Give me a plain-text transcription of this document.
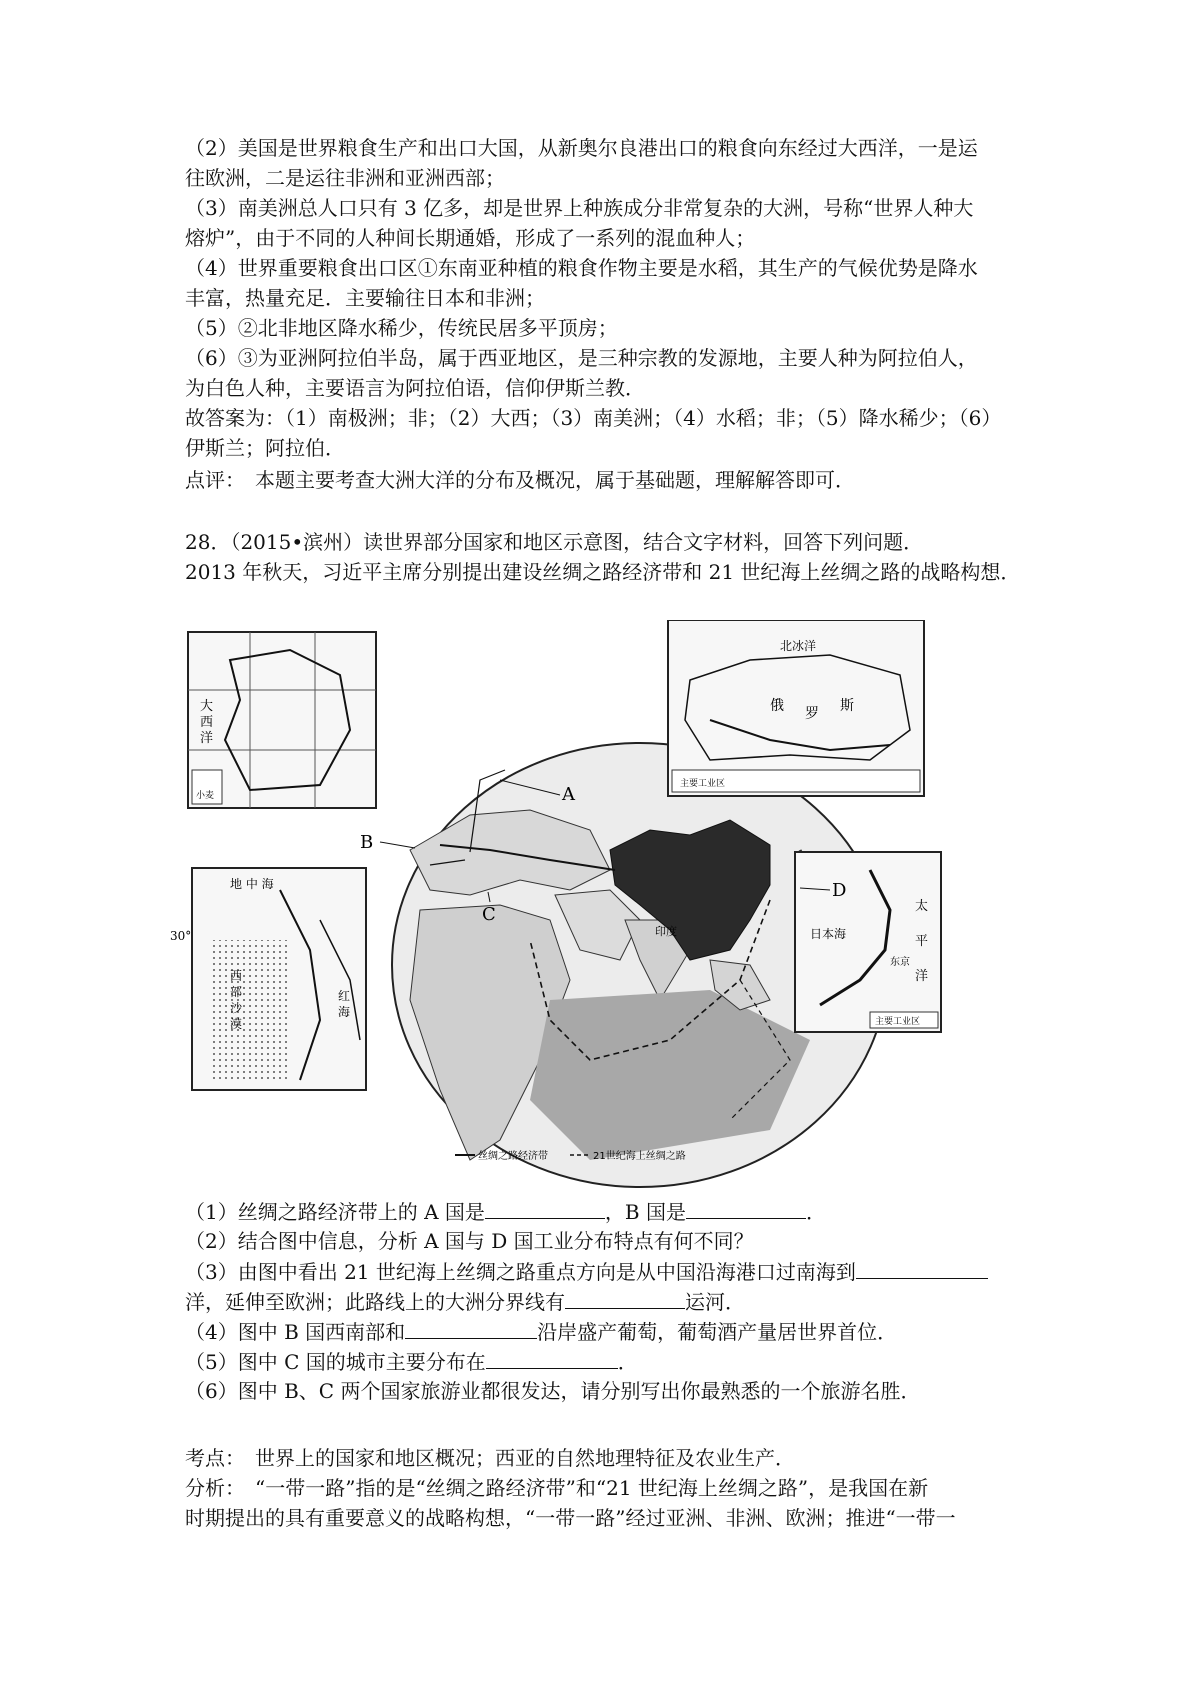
（2）美国是世界粮食生产和出口大国，从新奥尔良港出口的粮食向东经过大西洋，一是运
往欧洲，二是运往非洲和亚洲西部；
（3）南美洲总人口只有 3 亿多，却是世界上种族成分非常复杂的大洲，号称“世界人种大
熔炉”，由于不同的人种间长期通婚，形成了一系列的混血种人；
（4）世界重要粮食出口区①东南亚种植的粮食作物主要是水稻，其生产的气候优势是降水
丰富，热量充足．主要输往日本和非洲；
（5）②北非地区降水稀少，传统民居多平顶房；
（6）③为亚洲阿拉伯半岛，属于西亚地区，是三种宗教的发源地，主要人种为阿拉伯人，
为白色人种，主要语言为阿拉伯语，信仰伊斯兰教．
故答案为：（1）南极洲；非；（2）大西；（3）南美洲；（4）水稻；非；（5）降水稀少；（6）
伊斯兰；阿拉伯．
点评：　本题主要考查大洲大洋的分布及概况，属于基础题，理解解答即可．
28．（2015•滨州）读世界部分国家和地区示意图，结合文字材料，回答下列问题．
2013 年秋天，习近平主席分别提出建设丝绸之路经济带和 21 世纪海上丝绸之路的战略构想．
丝绸之路经济带	21世纪海上丝绸之路
印度
大
西
洋
小麦
北冰洋
俄 罗 斯
主要工业区
地 中 海
西
部
沙
漠
红
海
30°	日本海
太
平
洋
东京
主要工业区
A
B
C
D
（1）丝绸之路经济带上的 A 国是	，B 国是	．
（2）结合图中信息，分析 A 国与 D 国工业分布特点有何不同？
（3）由图中看出 21 世纪海上丝绸之路重点方向是从中国沿海港口过南海到
洋，延伸至欧洲；此路线上的大洲分界线有	运河．
（4）图中 B 国西南部和	沿岸盛产葡萄，葡萄酒产量居世界首位．
（5）图中 C 国的城市主要分布在	．
（6）图中 B、C 两个国家旅游业都很发达，请分别写出你最熟悉的一个旅游名胜．
考点：　世界上的国家和地区概况；西亚的自然地理特征及农业生产．
分析：　“一带一路”指的是“丝绸之路经济带”和“21 世纪海上丝绸之路”，是我国在新
时期提出的具有重要意义的战略构想，“一带一路”经过亚洲、非洲、欧洲；推进“一带一
